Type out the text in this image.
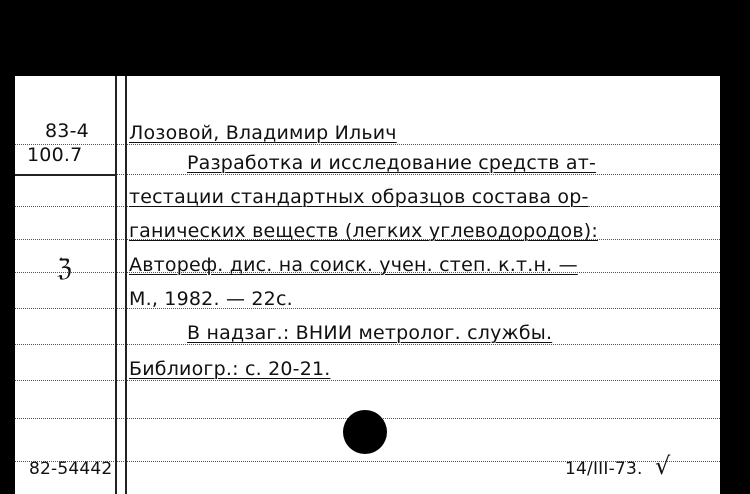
83-4
100.7
Лозовой, Владимир Ильич
Разработка и исследование средств ат-
тестации стандартных образцов состава ор-
ганических веществ (легких углеводородов):
Автореф. дис. на соиск. учен. степ. к.т.н. —
М., 1982. — 22с.
В надзаг.: ВНИИ метролог. службы.
Библиогр.: с. 20-21.
ℨ
82-54442	14/III-73. √
